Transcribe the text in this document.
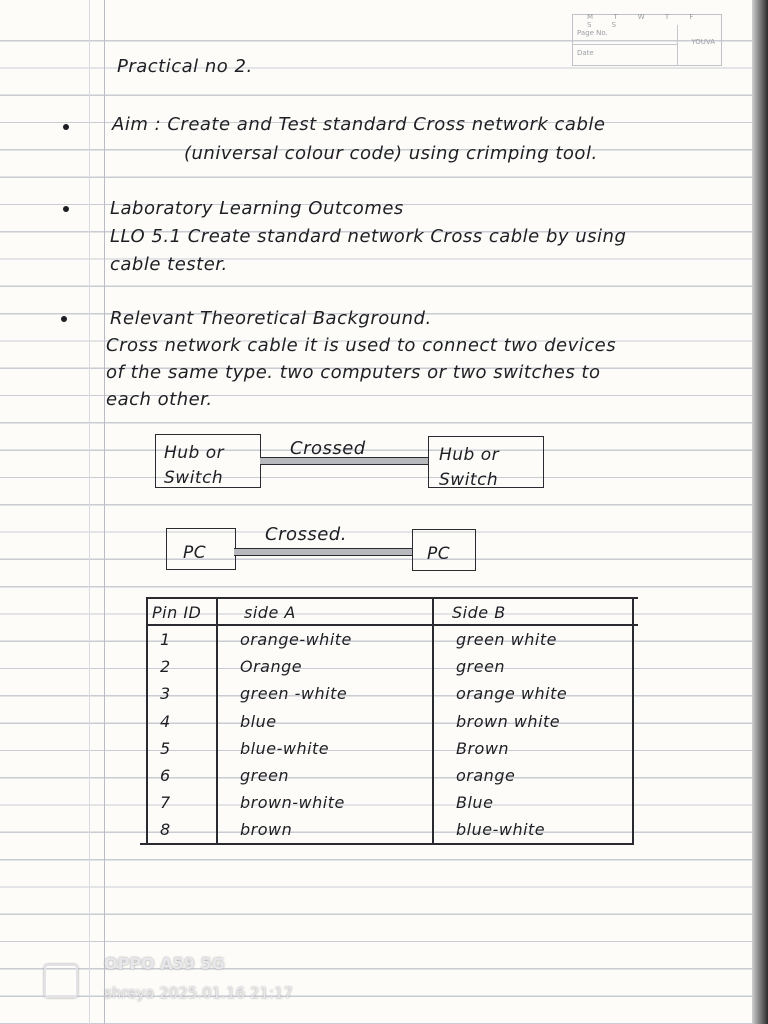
M T W T F S S
Page No.
Date
YOUVA
Practical no 2.
Aim : Create and Test standard Cross network cable
(universal colour code) using crimping tool.
Laboratory Learning Outcomes
LLO 5.1 Create standard network Cross cable by using
cable tester.
Relevant Theoretical Background.
Cross network cable it is used to connect two devices
of the same type. two computers or two switches to
each other.
Hub or
Switch
Crossed	Hub or
Switch
PC
Crossed.
PC
Pin ID	side A	Side B
1	orange-white	green white
2	Orange	green
3	green -white	orange white
4	blue	brown white
5	blue-white	Brown
6	green	orange
7	brown-white	Blue
8	brown	blue-white
OPPO A59 5G
shreya 2025.01.16 21:17
